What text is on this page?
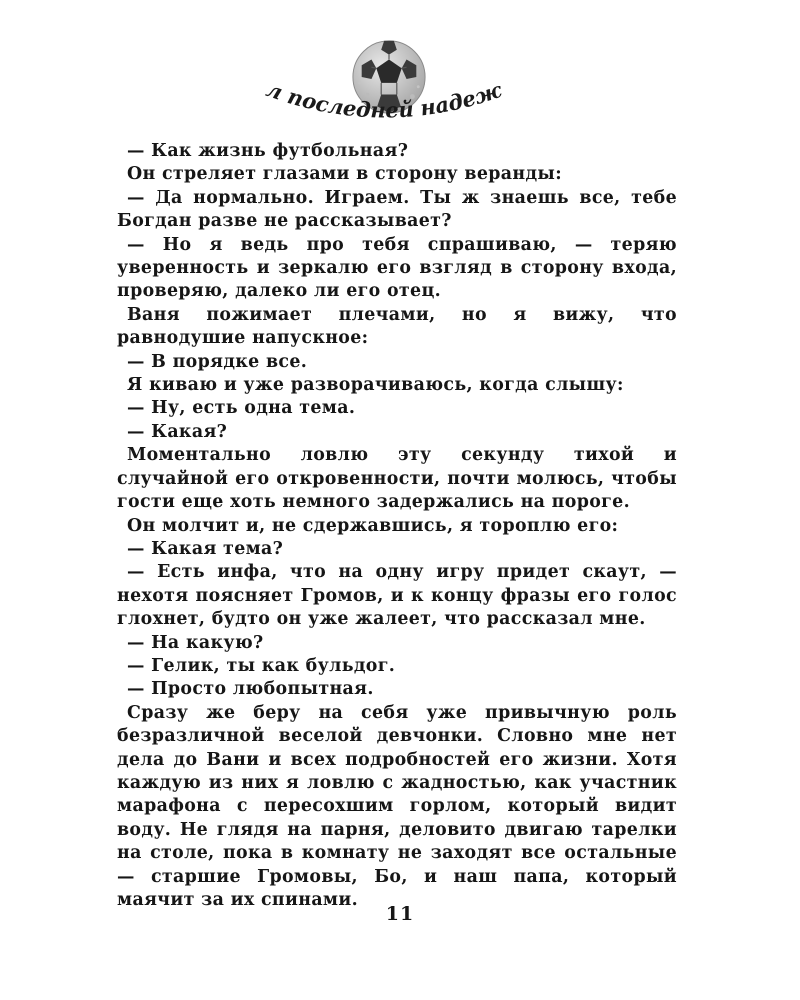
Фол последней надежды

— Как жизнь футбольная?

Он стреляет глазами в сторону веранды:

— Да нормально. Играем. Ты ж знаешь все, тебе Богдан разве не рассказывает?

— Но я ведь про тебя спрашиваю, — теряю уверенность и зеркалю его взгляд в сторону входа, проверяю, далеко ли его отец.

Ваня пожимает плечами, но я вижу, что равнодушие напускное:

— В порядке все.

Я киваю и уже разворачиваюсь, когда слышу:

— Ну, есть одна тема.

— Какая?

Моментально ловлю эту секунду тихой и случайной его откровенности, почти молюсь, чтобы гости еще хоть немного задержались на пороге.

Он молчит и, не сдержавшись, я тороплю его:

— Какая тема?

— Есть инфа, что на одну игру придет скаут, — нехотя поясняет Громов, и к концу фразы его голос глохнет, будто он уже жалеет, что рассказал мне.

— На какую?

— Гелик, ты как бульдог.

— Просто любопытная.

Сразу же беру на себя уже привычную роль безразличной веселой девчонки. Словно мне нет дела до Вани и всех подробностей его жизни. Хотя каждую из них я ловлю с жадностью, как участник марафона с пересохшим горлом, который видит воду. Не глядя на парня, деловито двигаю тарелки на столе, пока в комнату не заходят все остальные — старшие Громовы, Бо, и наш папа, который маячит за их спинами.

11
